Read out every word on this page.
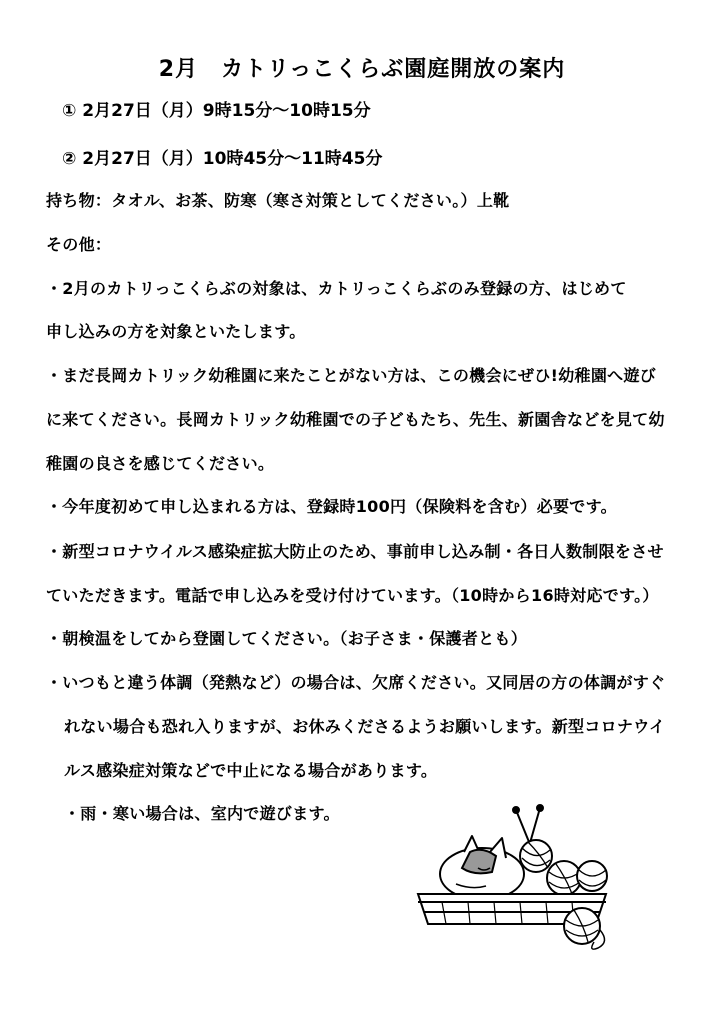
2月　カトリっこくらぶ園庭開放の案内
① 2月27日（月）9時15分～10時15分
② 2月27日（月）10時45分～11時45分
持ち物：タオル、お茶、防寒（寒さ対策としてください。）上靴
その他：
・2月のカトリっこくらぶの対象は、カトリっこくらぶのみ登録の方、はじめて
申し込みの方を対象といたします。
・まだ長岡カトリック幼稚園に来たことがない方は、この機会にぜひ!幼稚園へ遊び
に来てください。長岡カトリック幼稚園での子どもたち、先生、新園舎などを見て幼
稚園の良さを感じてください。
・今年度初めて申し込まれる方は、登録時100円（保険料を含む）必要です。
・新型コロナウイルス感染症拡大防止のため、事前申し込み制・各日人数制限をさせ
ていただきます。電話で申し込みを受け付けています。（10時から16時対応です。）
・朝検温をしてから登園してください。（お子さま・保護者とも）
・いつもと違う体調（発熱など）の場合は、欠席ください。又同居の方の体調がすぐ
れない場合も恐れ入りますが、お休みくださるようお願いします。新型コロナウイ
ルス感染症対策などで中止になる場合があります。
・雨・寒い場合は、室内で遊びます。
